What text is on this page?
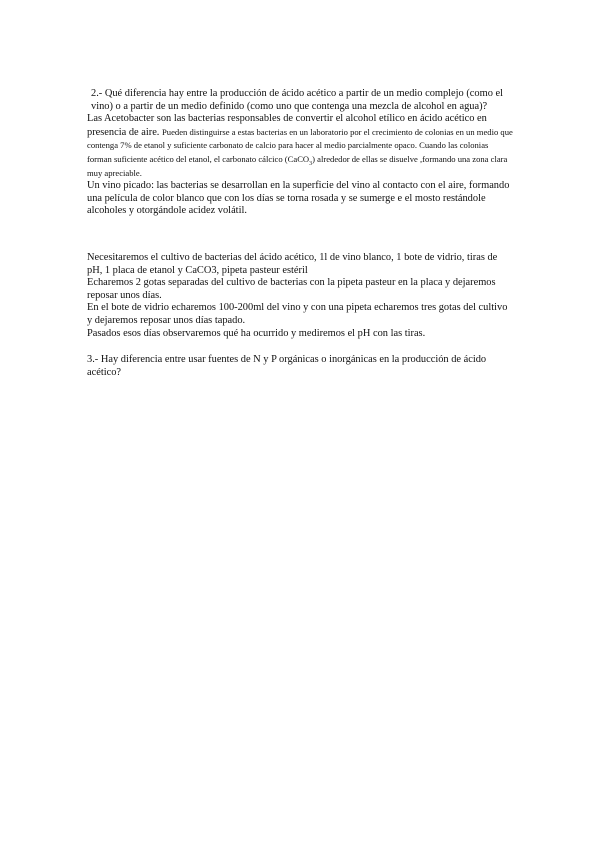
2.- Qué diferencia hay entre la producción de ácido acético a partir de un medio complejo (como el vino) o a partir de un medio definido (como uno que contenga una mezcla de alcohol en agua)?

Las Acetobacter son las bacterias responsables de convertir el alcohol etílico en ácido acético en presencia de aire. Pueden distinguirse a estas bacterias en un laboratorio por el crecimiento de colonias en un medio que contenga 7% de etanol y suficiente carbonato de calcio para hacer al medio parcialmente opaco. Cuando las colonias forman suficiente acético del etanol, el carbonato cálcico (CaCO$_3$) alrededor de ellas se disuelve ,formando una zona clara muy apreciable.

Un vino picado: las bacterias se desarrollan en la superficie del vino al contacto con el aire, formando una película de color blanco que con los días se torna rosada y se sumerge e el mosto restándole alcoholes y otorgándole acidez volátil.

Necesitaremos el cultivo de bacterias del ácido acético, 1l de vino blanco, 1 bote de vidrio, tiras de pH, 1 placa de etanol y CaCO3, pipeta pasteur estéril

Echaremos 2 gotas separadas del cultivo de bacterias con la pipeta pasteur en la placa y dejaremos reposar unos días.

En el bote de vidrio echaremos 100-200ml del vino y con una pipeta echaremos tres gotas del cultivo y dejaremos reposar unos días tapado.

Pasados esos días observaremos qué ha ocurrido y mediremos el pH con las tiras.

3.- Hay diferencia entre usar fuentes de N y P orgánicas o inorgánicas en la producción de ácido acético?
